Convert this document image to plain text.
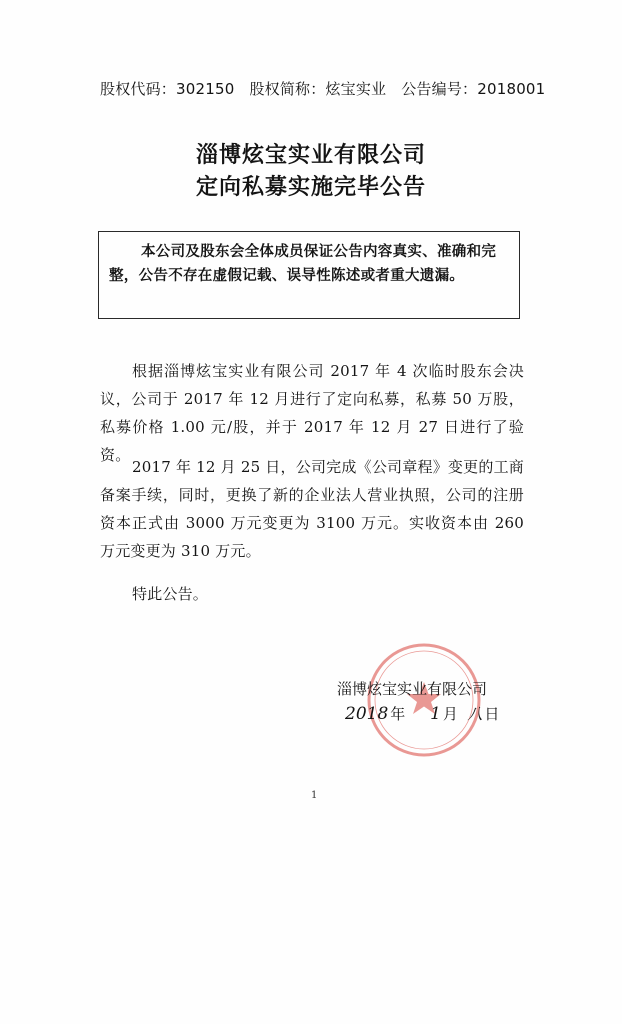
股权代码：302150 股权简称：炫宝实业 公告编号：2018001
淄博炫宝实业有限公司
定向私募实施完毕公告
本公司及股东会全体成员保证公告内容真实、准确和完整，公告不存在虚假记载、误导性陈述或者重大遗漏。

根据淄博炫宝实业有限公司 2017 年 4 次临时股东会决议，公司于 2017 年 12 月进行了定向私募，私募 50 万股，私募价格 1.00 元/股，并于 2017 年 12 月 27 日进行了验资。

2017 年 12 月 25 日，公司完成《公司章程》变更的工商备案手续，同时，更换了新的企业法人营业执照，公司的注册资本正式由 3000 万元变更为 3100 万元。实收资本由 260 万元变更为 310 万元。

特此公告。

淄博炫宝实业有限公司
2018 年 1 月 八 日
1
